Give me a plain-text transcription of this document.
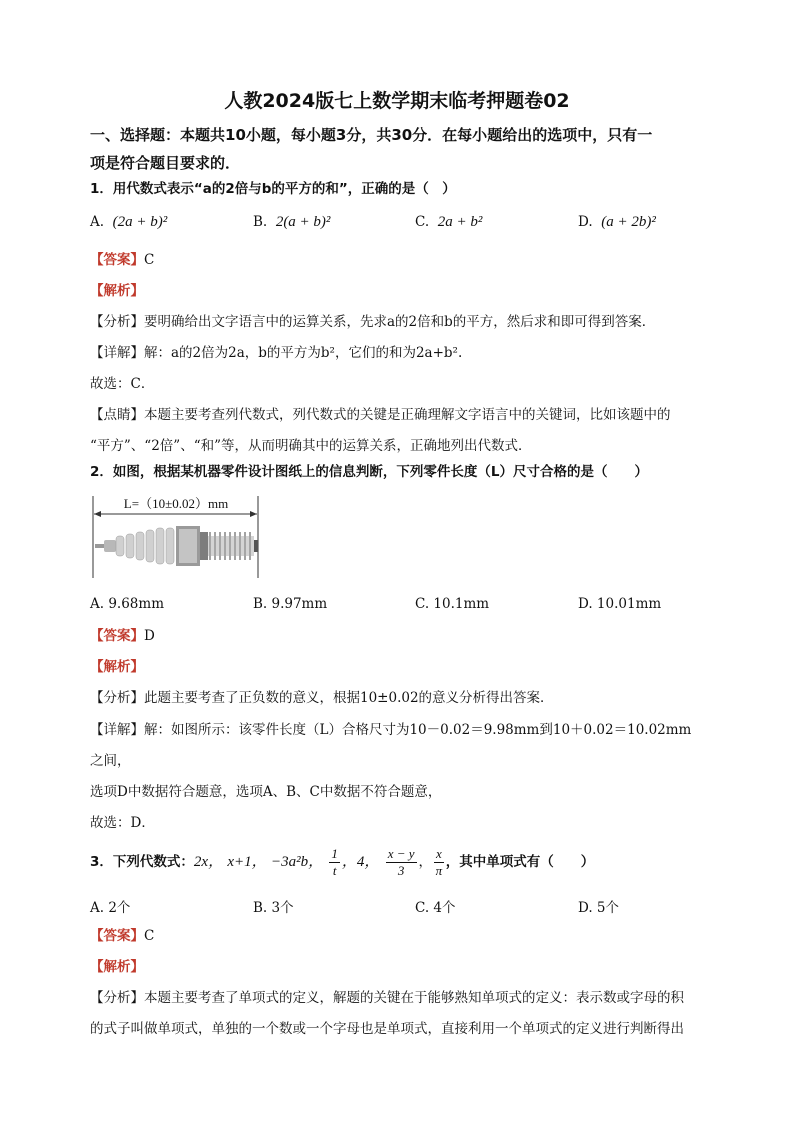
人教2024版七上数学期末临考押题卷02
一、选择题：本题共10小题，每小题3分，共30分．在每小题给出的选项中，只有一
项是符合题目要求的．
1．用代数式表示“a的2倍与b的平方的和”，正确的是（　）
A. (2a + b)²	B. 2(a + b)²	C. 2a + b²	D. (a + 2b)²
【答案】C
【解析】
【分析】要明确给出文字语言中的运算关系，先求a的2倍和b的平方，然后求和即可得到答案．
【详解】解：a的2倍为2a，b的平方为b²，它们的和为2a+b².
故选：C．
【点睛】本题主要考查列代数式，列代数式的关键是正确理解文字语言中的关键词，比如该题中的
“平方”、“2倍”、“和”等，从而明确其中的运算关系，正确地列出代数式．
2．如图，根据某机器零件设计图纸上的信息判断，下列零件长度（L）尺寸合格的是（　　）
L=（10±0.02）mm
A. 9.68mm	B. 9.97mm	C. 10.1mm	D. 10.01mm
【答案】D
【解析】
【分析】此题主要考查了正负数的意义，根据10±0.02的意义分析得出答案．
【详解】解：如图所示：该零件长度（L）合格尺寸为10－0.02＝9.98mm到10＋0.02＝10.02mm
之间，
选项D中数据符合题意，选项A、B、C中数据不符合题意，
故选：D．
3．下列代数式： 2x，
x+1，
−3a²b，
$\frac{1}{t}$ ，4，
$\frac{x - y}{3}$ ， $\frac{x}{\pi}$ ，其中单项式有（　　）
A. 2个	B. 3个	C. 4个	D. 5个
【答案】C
【解析】
【分析】本题主要考查了单项式的定义，解题的关键在于能够熟知单项式的定义：表示数或字母的积
的式子叫做单项式，单独的一个数或一个字母也是单项式，直接利用一个单项式的定义进行判断得出
